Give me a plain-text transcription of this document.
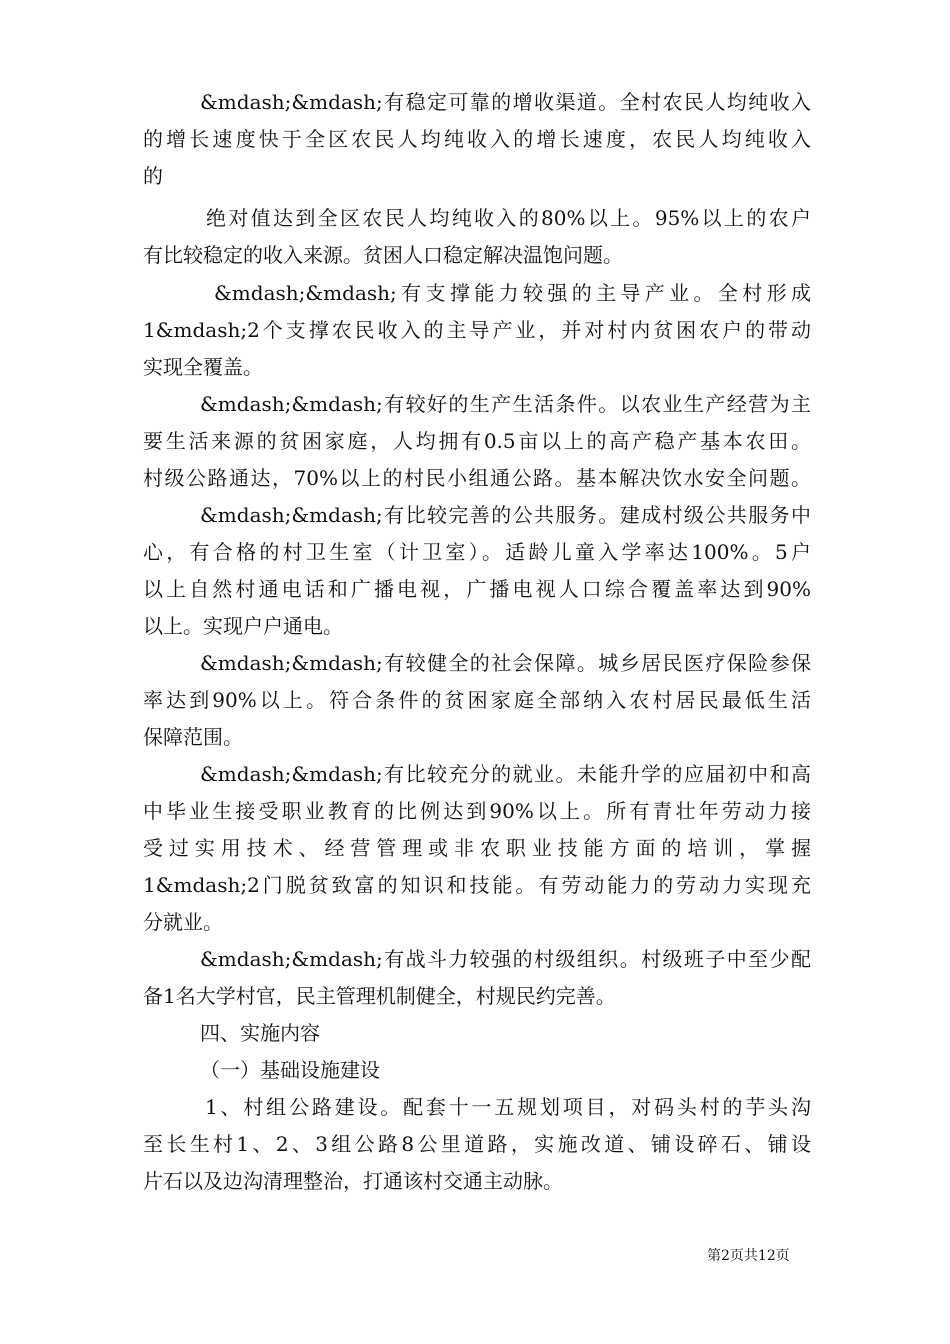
&mdash;&mdash;有稳定可靠的增收渠道。全村农民人均纯收入
的增长速度快于全区农民人均纯收入的增长速度，农民人均纯收入
的
绝对值达到全区农民人均纯收入的80%以上。95%以上的农户
有比较稳定的收入来源。贫困人口稳定解决温饱问题。
&mdash;&mdash;有支撑能力较强的主导产业。全村形成
1&mdash;2个支撑农民收入的主导产业，并对村内贫困农户的带动
实现全覆盖。
&mdash;&mdash;有较好的生产生活条件。以农业生产经营为主
要生活来源的贫困家庭，人均拥有0.5亩以上的高产稳产基本农田。
村级公路通达，70%以上的村民小组通公路。基本解决饮水安全问题。
&mdash;&mdash;有比较完善的公共服务。建成村级公共服务中
心，有合格的村卫生室（计卫室）。适龄儿童入学率达100%。5户
以上自然村通电话和广播电视，广播电视人口综合覆盖率达到90%
以上。实现户户通电。
&mdash;&mdash;有较健全的社会保障。城乡居民医疗保险参保
率达到90%以上。符合条件的贫困家庭全部纳入农村居民最低生活
保障范围。
&mdash;&mdash;有比较充分的就业。未能升学的应届初中和高
中毕业生接受职业教育的比例达到90%以上。所有青壮年劳动力接
受过实用技术、经营管理或非农职业技能方面的培训，掌握
1&mdash;2门脱贫致富的知识和技能。有劳动能力的劳动力实现充
分就业。
&mdash;&mdash;有战斗力较强的村级组织。村级班子中至少配
备1名大学村官，民主管理机制健全，村规民约完善。
四、实施内容
（一）基础设施建设
1、村组公路建设。配套十一五规划项目，对码头村的芋头沟
至长生村1、2、3组公路8公里道路，实施改道、铺设碎石、铺设
片石以及边沟清理整治，打通该村交通主动脉。
第2页共12页
